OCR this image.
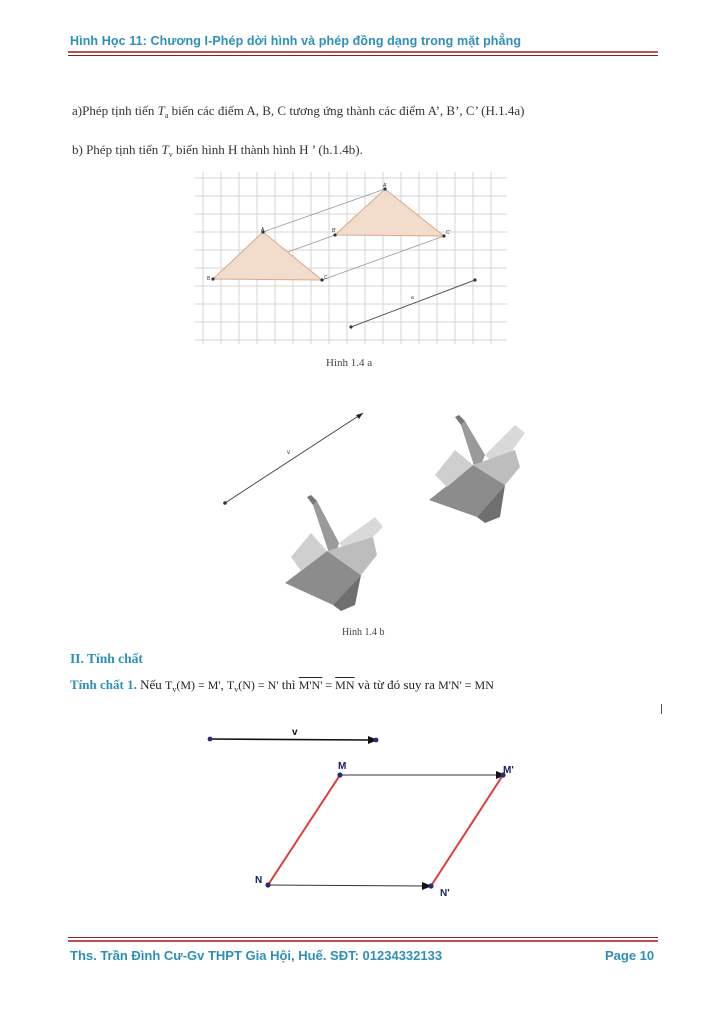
Hình Học 11: Chương I-Phép dời hình và phép đồng dạng trong mặt phẳng
a)Phép tịnh tiến $T_a$ biến các điểm A, B, C tương ứng thành các điểm A’, B’, C’ (H.1.4a)
b) Phép tịnh tiến $T_v$ biến hình H thành hình H ’ (h.1.4b).
B
A
C
B'
A'
C'
a
Hình 1.4 a
v
Hình 1.4 b
II. Tính chất
Tính chất 1. Nếu $T_v(M) = M'$, $T_v(N) = N'$ thì $M'N' = \overline{MN}$ và từ đó suy ra M'N' = MN
v
M	M'
N
N'
Ths. Trần Đình Cư-Gv THPT Gia Hội, Huế. SĐT: 01234332133	Page 10
